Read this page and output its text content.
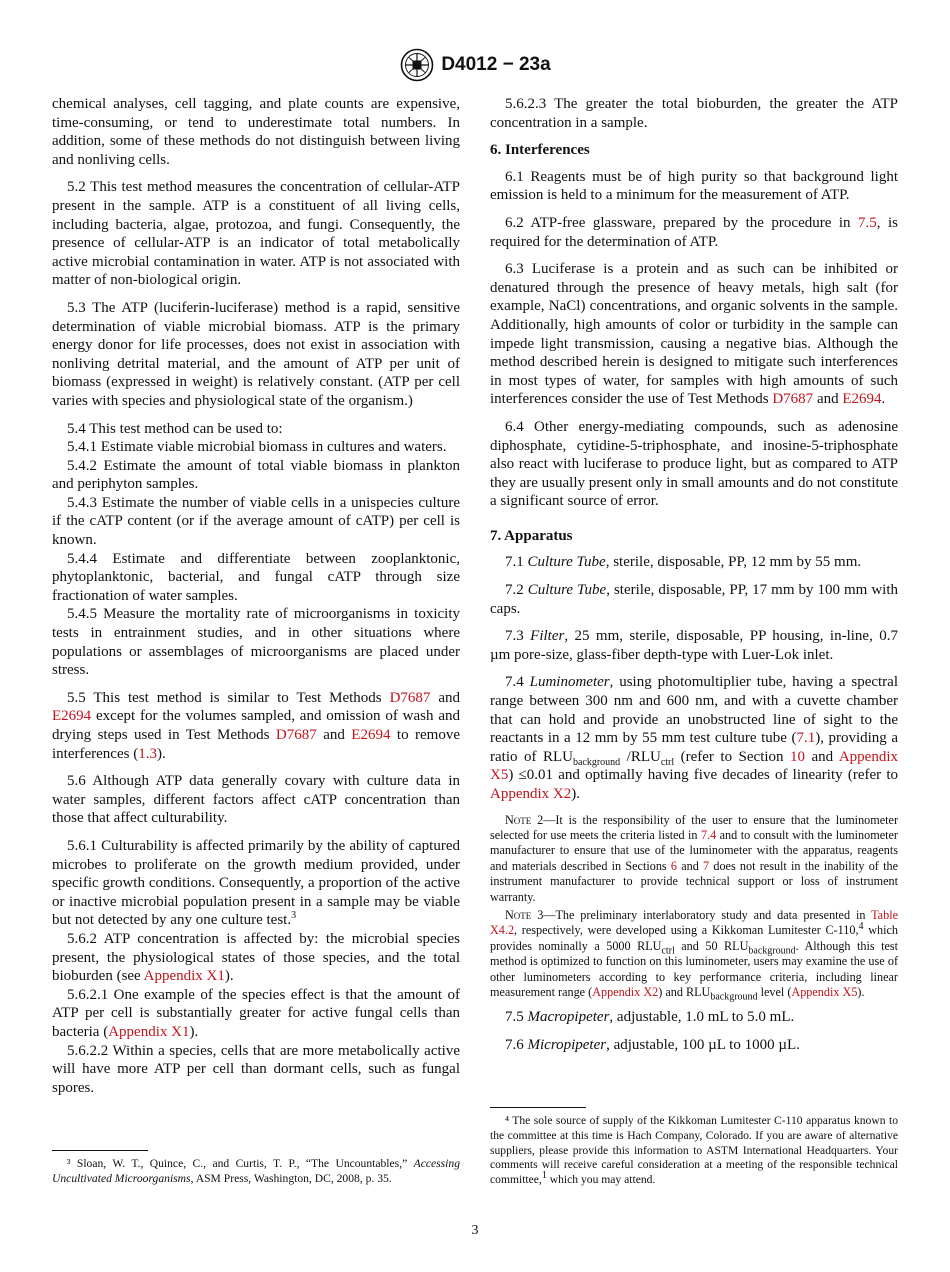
D4012 − 23a

chemical analyses, cell tagging, and plate counts are expensive, time-consuming, or tend to underestimate total numbers. In addition, some of these methods do not distinguish between living and nonliving cells.

5.2 This test method measures the concentration of cellular-ATP present in the sample. ATP is a constituent of all living cells, including bacteria, algae, protozoa, and fungi. Consequently, the presence of cellular-ATP is an indicator of total metabolically active microbial contamination in water. ATP is not associated with matter of non-biological origin.

5.3 The ATP (luciferin-luciferase) method is a rapid, sensitive determination of viable microbial biomass. ATP is the primary energy donor for life processes, does not exist in association with nonliving detrital material, and the amount of ATP per unit of biomass (expressed in weight) is relatively constant. (ATP per cell varies with species and physiological state of the organism.)

5.4 This test method can be used to:

5.4.1 Estimate viable microbial biomass in cultures and waters.

5.4.2 Estimate the amount of total viable biomass in plankton and periphyton samples.

5.4.3 Estimate the number of viable cells in a unispecies culture if the cATP content (or if the average amount of cATP) per cell is known.

5.4.4 Estimate and differentiate between zooplanktonic, phytoplanktonic, bacterial, and fungal cATP through size fractionation of water samples.

5.4.5 Measure the mortality rate of microorganisms in toxicity tests in entrainment studies, and in other situations where populations or assemblages of microorganisms are placed under stress.

5.5 This test method is similar to Test Methods D7687 and E2694 except for the volumes sampled, and omission of wash and drying steps used in Test Methods D7687 and E2694 to remove interferences (1.3).

5.6 Although ATP data generally covary with culture data in water samples, different factors affect cATP concentration than those that affect culturability.

5.6.1 Culturability is affected primarily by the ability of captured microbes to proliferate on the growth medium provided, under specific growth conditions. Consequently, a proportion of the active or inactive microbial population present in a sample may be viable but not detected by any one culture test.$^3$

5.6.2 ATP concentration is affected by: the microbial species present, the physiological states of those species, and the total bioburden (see Appendix X1).

5.6.2.1 One example of the species effect is that the amount of ATP per cell is substantially greater for active fungal cells than bacteria (Appendix X1).

5.6.2.2 Within a species, cells that are more metabolically active will have more ATP per cell than dormant cells, such as fungal spores.

³ Sloan, W. T., Quince, C., and Curtis, T. P., “The Uncountables,” Accessing Uncultivated Microorganisms, ASM Press, Washington, DC, 2008, p. 35.

5.6.2.3 The greater the total bioburden, the greater the ATP concentration in a sample.

6. Interferences

6.1 Reagents must be of high purity so that background light emission is held to a minimum for the measurement of ATP.

6.2 ATP-free glassware, prepared by the procedure in 7.5, is required for the determination of ATP.

6.3 Luciferase is a protein and as such can be inhibited or denatured through the presence of heavy metals, high salt (for example, NaCl) concentrations, and organic solvents in the sample. Additionally, high amounts of color or turbidity in the sample can impede light transmission, causing a negative bias. Although the method described herein is designed to mitigate such interferences in most types of water, for samples with high amounts of such interferences consider the use of Test Methods D7687 and E2694.

6.4 Other energy-mediating compounds, such as adenosine diphosphate, cytidine-5-triphosphate, and inosine-5-triphosphate also react with luciferase to produce light, but as compared to ATP they are usually present only in small amounts and do not constitute a significant source of error.

7. Apparatus

7.1 Culture Tube, sterile, disposable, PP, 12 mm by 55 mm.

7.2 Culture Tube, sterile, disposable, PP, 17 mm by 100 mm with caps.

7.3 Filter, 25 mm, sterile, disposable, PP housing, in-line, 0.7 µm pore-size, glass-fiber depth-type with Luer-Lok inlet.

7.4 Luminometer, using photomultiplier tube, having a spectral range between 300 nm and 600 nm, and with a cuvette chamber that can hold and provide an unobstructed line of sight to the reactants in a 12 mm by 55 mm test culture tube (7.1), providing a ratio of $RLU_{background}$ $/RLU_{ctrl}$ (refer to Section 10 and Appendix X5) ≤0.01 and optimally having five decades of linearity (refer to Appendix X2).

Note 2—It is the responsibility of the user to ensure that the luminometer selected for use meets the criteria listed in 7.4 and to consult with the luminometer manufacturer to ensure that use of the luminometer with the apparatus, reagents and materials described in Sections 6 and 7 does not result in the inability of the instrument manufacturer to provide technical support or loss of instrument warranty.

Note 3—The preliminary interlaboratory study and data presented in Table X4.2, respectively, were developed using a Kikkoman Lumitester C-110,$^4$ which provides nominally a 5000 $RLU_{ctrl}$ and 50 $RLU_{background}$. Although this test method is optimized to function on this luminometer, users may examine the use of other luminometers according to key performance criteria, including linear measurement range (Appendix X2) and $RLU_{background}$ level (Appendix X5).

7.5 Macropipeter, adjustable, 1.0 mL to 5.0 mL.

7.6 Micropipeter, adjustable, 100 µL to 1000 µL.

⁴ The sole source of supply of the Kikkoman Lumitester C-110 apparatus known to the committee at this time is Hach Company, Colorado. If you are aware of alternative suppliers, please provide this information to ASTM International Headquarters. Your comments will receive careful consideration at a meeting of the responsible technical committee,$^1$ which you may attend.

3
